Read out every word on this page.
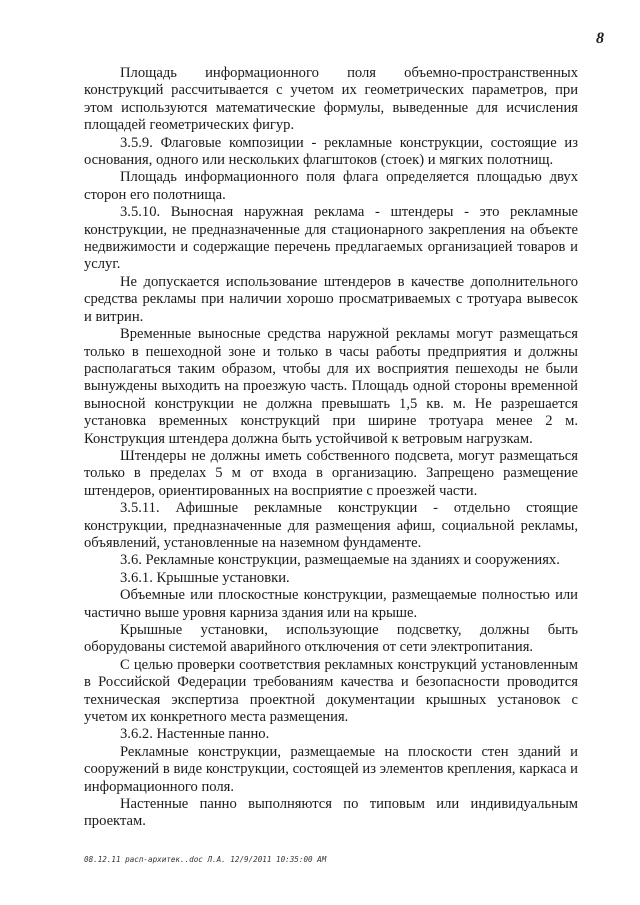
8

Площадь информационного поля объемно-пространственных конструкций рассчитывается с учетом их геометрических параметров, при этом используются математические формулы, выведенные для исчисления площадей геометрических фигур.

3.5.9. Флаговые композиции - рекламные конструкции, состоящие из основания, одного или нескольких флагштоков (стоек) и мягких полотнищ.

Площадь информационного поля флага определяется площадью двух сторон его полотнища.

3.5.10. Выносная наружная реклама - штендеры - это рекламные конструкции, не предназначенные для стационарного закрепления на объекте недвижимости и содержащие перечень предлагаемых организацией товаров и услуг.

Не допускается использование штендеров в качестве дополнительного средства рекламы при наличии хорошо просматриваемых с тротуара вывесок и витрин.

Временные выносные средства наружной рекламы могут размещаться только в пешеходной зоне и только в часы работы предприятия и должны располагаться таким образом, чтобы для их восприятия пешеходы не были вынуждены выходить на проезжую часть. Площадь одной стороны временной выносной конструкции не должна превышать 1,5 кв. м. Не разрешается установка временных конструкций при ширине тротуара менее 2 м. Конструкция штендера должна быть устойчивой к ветровым нагрузкам.

Штендеры не должны иметь собственного подсвета, могут размещаться только в пределах 5 м от входа в организацию. Запрещено размещение штендеров, ориентированных на восприятие с проезжей части.

3.5.11. Афишные рекламные конструкции - отдельно стоящие конструкции, предназначенные для размещения афиш, социальной рекламы, объявлений, установленные на наземном фундаменте.

3.6. Рекламные конструкции, размещаемые на зданиях и сооружениях.

3.6.1. Крышные установки.

Объемные или плоскостные конструкции, размещаемые полностью или частично выше уровня карниза здания или на крыше.

Крышные установки, использующие подсветку, должны быть оборудованы системой аварийного отключения от сети электропитания.

С целью проверки соответствия рекламных конструкций установленным в Российской Федерации требованиям качества и безопасности проводится техническая экспертиза проектной документации крышных установок с учетом их конкретного места размещения.

3.6.2. Настенные панно.

Рекламные конструкции, размещаемые на плоскости стен зданий и сооружений в виде конструкции, состоящей из элементов крепления, каркаса и информационного поля.

Настенные панно выполняются по типовым или индивидуальным проектам.

08.12.11 pacп-архитек..doc Л.А. 12/9/2011 10:35:00 AM
